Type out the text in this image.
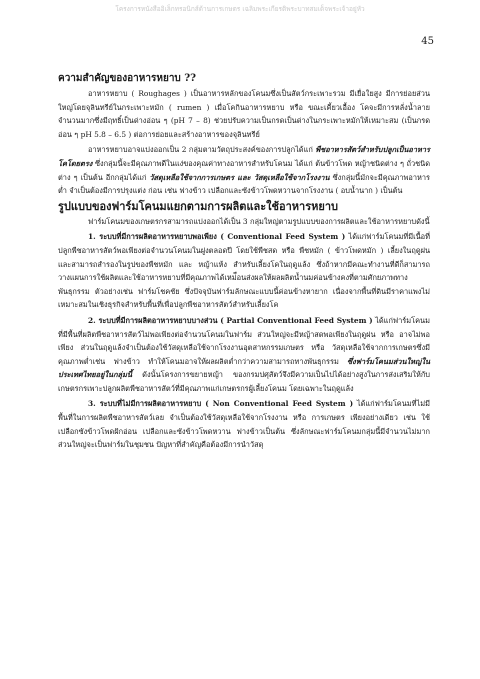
โครงการหนังสืออิเล็กทรอนิกส์ด้านการเกษตร เฉลิมพระเกียรติพระบาทสมเด็จพระเจ้าอยู่หัว
45
ความสำคัญของอาหารหยาบ ??

อาหารหยาบ ( Roughages ) เป็นอาหารหลักของโคนมซึ่งเป็นสัตว์กระเพาะรวม มีเยื่อใยสูง มีการย่อยส่วนใหญ่โดยจุลินทรีย์ในกระเพาะหมัก ( rumen ) เมื่อโคกินอาหารหยาบ หรือ ขณะเคี้ยวเอื้อง โคจะมีการหลั่งน้ำลายจำนวนมากซึ่งมีฤทธิ์เป็นด่างอ่อน ๆ (pH 7 – 8) ช่วยปรับความเป็นกรดเป็นด่างในกระเพาะหมักให้เหมาะสม (เป็นกรดอ่อน ๆ pH 5.8 – 6.5 ) ต่อการย่อยและสร้างอาหารของจุลินทรีย์

อาหารหยาบอาจแบ่งออกเป็น 2 กลุ่มตามวัตถุประสงค์ของการปลูกได้แก่ พืชอาหารสัตว์สำหรับปลูกเป็นอาหารโคโดยตรง ซึ่งกลุ่มนี้จะมีคุณภาพดีในแง่ของคุณค่าทางอาหารสำหรับโคนม ได้แก่ ต้นข้าวโพด หญ้าชนิดต่าง ๆ ถั่วชนิดต่าง ๆ เป็นต้น อีกกลุ่มได้แก่ วัสดุเหลือใช้จากการเกษตร และ วัสดุเหลือใช้จากโรงงาน ซึ่งกลุ่มนี้มักจะมีคุณภาพอาหารต่ำ จำเป็นต้องมีการปรุงแต่ง ก่อน เช่น ฟางข้าว เปลือกและซังข้าวโพดหวานจากโรงงาน ( อบน้ำนาก ) เป็นต้น

รูปแบบของฟาร์มโคนมแยกตามการผลิตและใช้อาหารหยาบ

ฟาร์มโคนมของเกษตรกรสามารถแบ่งออกได้เป็น 3 กลุ่มใหญ่ตามรูปแบบของการผลิตและใช้อาหารหยาบดังนี้

1. ระบบที่มีการผลิตอาหารหยาบพอเพียง ( Conventional Feed System ) ได้แก่ฟาร์มโคนมที่มีเนื้อที่ปลูกพืชอาหารสัตว์พอเพียงต่อจำนวนโคนมในฝูงตลอดปี โดยใช้พืชสด หรือ พืชหมัก ( ข้าวโพดหมัก ) เลี้ยงในฤดูฝน และสามารถสำรองในรูปของพืชหมัก และ หญ้าแห้ง สำหรับเลี้ยงโคในฤดูแล้ง ซึ่งถ้าหากมีคณะทำงานที่ดีก็สามารถวางแผนการใช้ผลิตและใช้อาหารหยาบที่มีคุณภาพได้เหม่ือนส่งผลให้ผลผลิตน้ำนมค่อนข้างคงที่ตามศักยภาพทางพันธุกรรม ตัวอย่างเช่น ฟาร์มโชคชัย ซึ่งปัจจุบันฟาร์มลักษณะแบบนี้ค่อนข้างหายาก เนื่องจากพื้นที่ดินมีราคาแพงไม่เหมาะสมในเชิงธุรกิจสำหรับพื้นที่เพื่อปลูกพืชอาหารสัตว์สำหรับเลี้ยงโค

2. ระบบที่มีการผลิตอาหารหยาบบางส่วน ( Partial Conventional Feed System ) ได้แก่ฟาร์มโคนมที่มีพื้นที่ผลิตพืชอาหารสัตว์ไม่พอเพียงต่อจำนวนโคนมในฟาร์ม ส่วนใหญ่จะมีหญ้าสดพอเพียงในฤดูฝน หรือ อาจไม่พอเพียง ส่วนในฤดูแล้งจำเป็นต้องใช้วัสดุเหลือใช้จากโรงงานอุตสาหกรรมเกษตร หรือ วัสดุเหลือใช้จากการเกษตรซึ่งมีคุณภาพต่ำเช่น ฟางข้าว ทำให้โคนมอาจให้ผลผลิตต่ำกว่าความสามารถทางพันธุกรรม ซึ่งฟาร์มโคนมส่วนใหญ่ในประเทศไทยอยู่ในกลุ่มนี้ ดังนั้นโครงการขยายหญ้า ของกรมปศุสัตว์จึงมีความเป็นไปได้อย่างสูงในการส่งเสริมให้กับเกษตรกรเพาะปลูกผลิตพืชอาหารสัตว์ที่มีคุณภาพแก่เกษตรกรผู้เลี้ยงโคนม โดยเฉพาะในฤดูแล้ง

3. ระบบที่ไม่มีการผลิตอาหารหยาบ ( Non Conventional Feed System ) ได้แก่ฟาร์มโคนมที่ไม่มีพื้นที่ในการผลิตพืชอาหารสัตว์เลย จำเป็นต้องใช้วัสดุเหลือใช้จากโรงงาน หรือ การเกษตร เพียงอย่างเดียว เช่น ใช้เปลือกซังข้าวโพดฝักอ่อน เปลือกและซังข้าวโพดหวาน ฟางข้าวเป็นต้น ซึ่งลักษณะฟาร์มโคนมกลุ่มนี้มีจำนวนไม่มาก ส่วนใหญ่จะเป็นฟาร์มในชุมชน ปัญหาที่สำคัญคือต้องมีการนำวัสดุ
